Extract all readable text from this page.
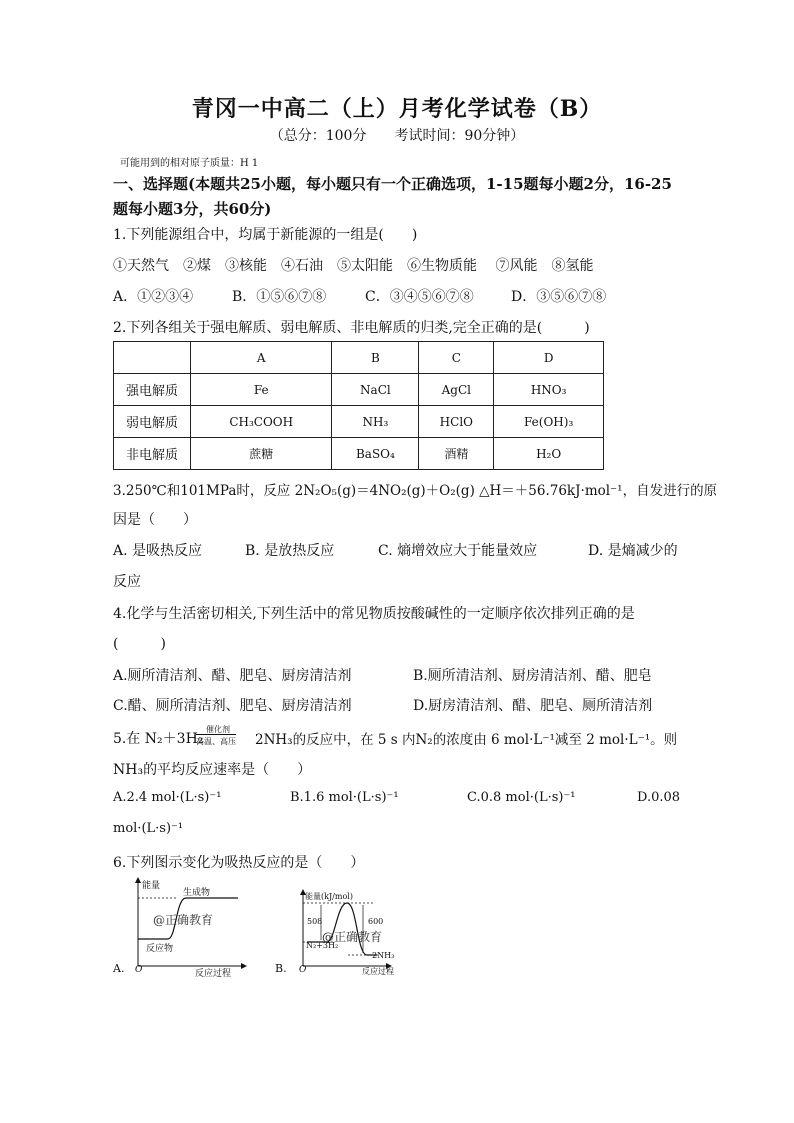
青冈一中高二（上）月考化学试卷（B）
（总分：100分　　考试时间：90分钟）
可能用到的相对原子质量：H 1
一、选择题(本题共25小题，每小题只有一个正确选项，1-15题每小题2分，16-25
题每小题3分，共60分)
1.下列能源组合中，均属于新能源的一组是(　　)
①天然气　②煤　③核能　④石油　⑤太阳能　⑥生物质能　 ⑦风能　⑧氢能
A．①②③④	B．①⑤⑥⑦⑧	C．③④⑤⑥⑦⑧	D．③⑤⑥⑦⑧
2.下列各组关于强电解质、弱电解质、非电解质的归类,完全正确的是(　　　)
	A	B	C	D
强电解质	Fe	NaCl	AgCl	HNO₃
弱电解质	CH₃COOH	NH₃	HClO	Fe(OH)₃
非电解质	蔗糖	BaSO₄	酒精	H₂O
3.250℃和101MPa时，反应 2N₂O₅(g)＝4NO₂(g)＋O₂(g) △H＝＋56.76kJ·mol⁻¹，自发进行的原
因是（　　）
A. 是吸热反应	B. 是放热反应	C. 熵增效应大于能量效应	D. 是熵减少的
反应
4.化学与生活密切相关,下列生活中的常见物质按酸碱性的一定顺序依次排列正确的是
(　　　)
A.厕所清洁剂、醋、肥皂、厨房清洁剂	B.厕所清洁剂、厨房清洁剂、醋、肥皂
C.醋、厕所清洁剂、肥皂、厨房清洁剂	D.厨房清洁剂、醋、肥皂、厕所清洁剂
5.在 N₂＋3H₂
催化剂
高温、高压 2NH₃的反应中，在 5 s 内N₂的浓度由 6 mol·L⁻¹减至 2 mol·L⁻¹。则
NH₃的平均反应速率是（　　）
A.2.4 mol·(L·s)⁻¹	B.1.6 mol·(L·s)⁻¹	C.0.8 mol·(L·s)⁻¹	D.0.08
mol·(L·s)⁻¹
6.下列图示变化为吸热反应的是（　　）
A.
能量
生成物
反应物
@正确教育
O	反应过程	B.
能量(kJ/mol)
508	600
N₂+3H₂
2NH₃
@正确教育
O	反应过程
